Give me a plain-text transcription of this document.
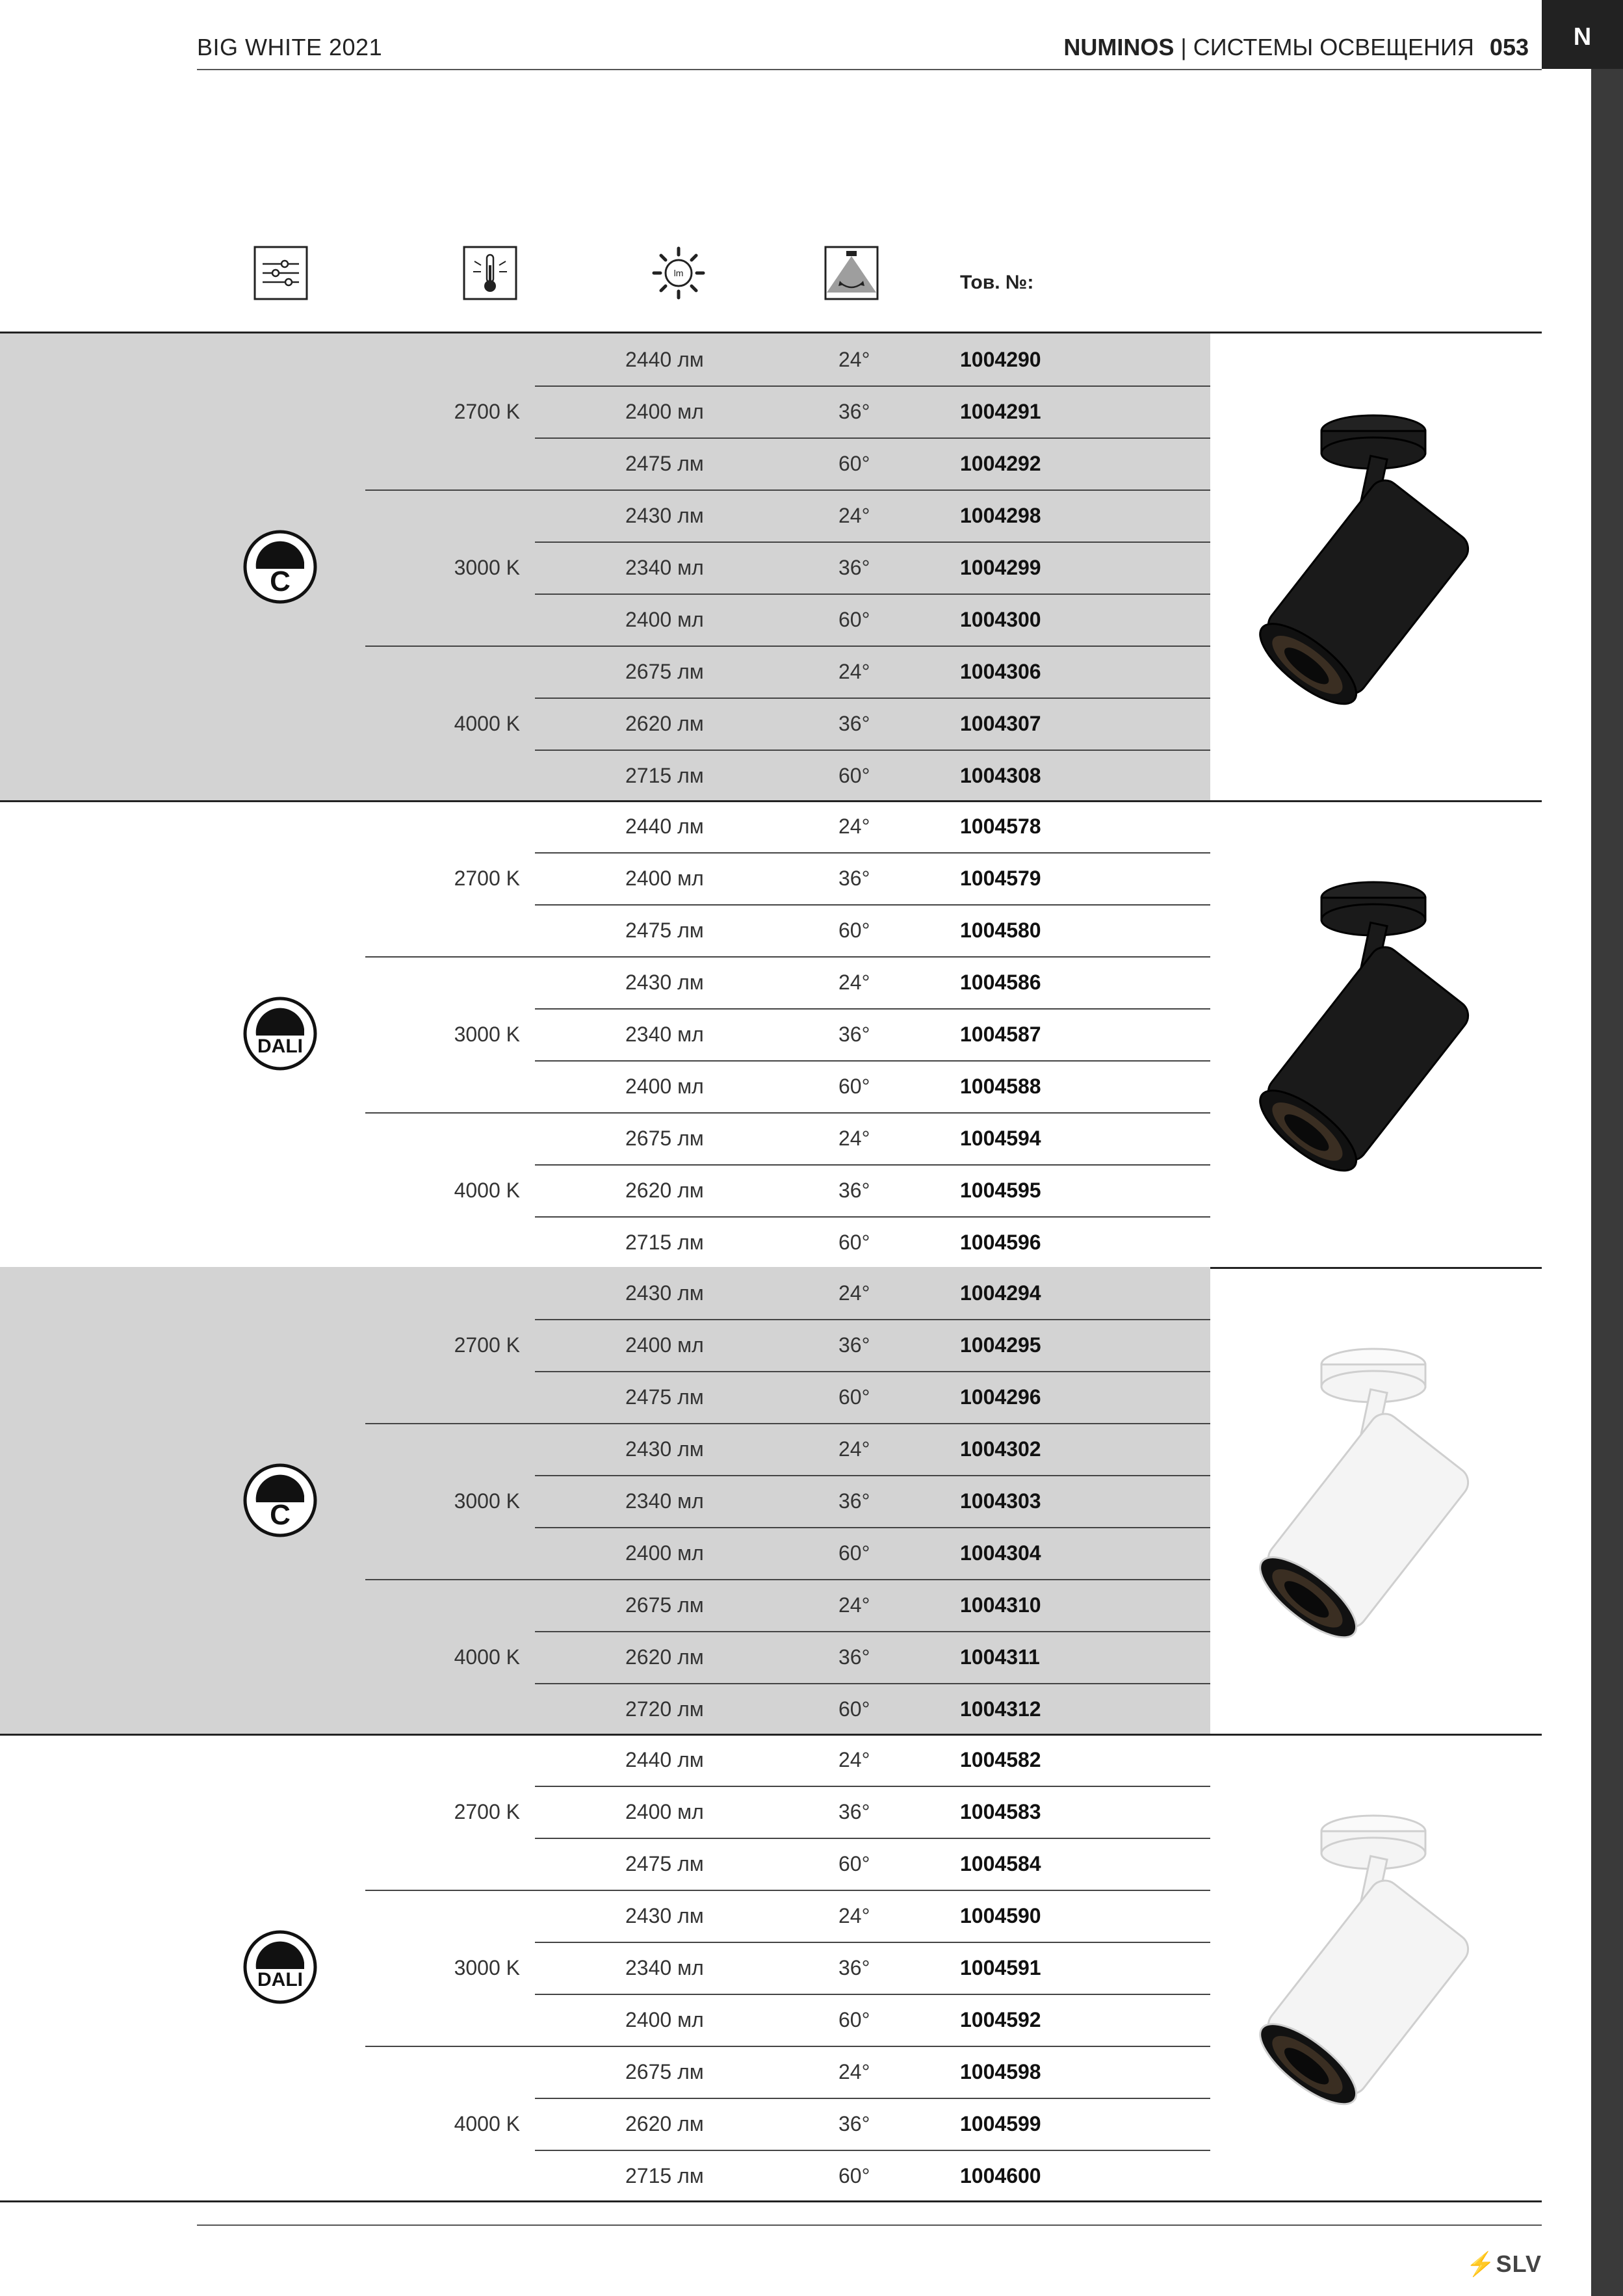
BIG WHITE 2021	NUMINOS | СИСТЕМЫ ОСВЕЩЕНИЯ 053	N
lm	Тов. №:
C
2700 K
2440 лм	24°	1004290
2400 мл	36°	1004291
2475 лм	60°	1004292
3000 K
2430 лм	24°	1004298
2340 мл	36°	1004299
2400 мл	60°	1004300
4000 K
2675 лм	24°	1004306
2620 лм	36°	1004307
2715 лм	60°	1004308
DALI
2700 K
2440 лм	24°	1004578
2400 мл	36°	1004579
2475 лм	60°	1004580
3000 K
2430 лм	24°	1004586
2340 мл	36°	1004587
2400 мл	60°	1004588
4000 K
2675 лм	24°	1004594
2620 лм	36°	1004595
2715 лм	60°	1004596
C
2700 K
2430 лм	24°	1004294
2400 мл	36°	1004295
2475 лм	60°	1004296
3000 K
2430 лм	24°	1004302
2340 мл	36°	1004303
2400 мл	60°	1004304
4000 K
2675 лм	24°	1004310
2620 лм	36°	1004311
2720 лм	60°	1004312
DALI
2700 K
2440 лм	24°	1004582
2400 мл	36°	1004583
2475 лм	60°	1004584
3000 K
2430 лм	24°	1004590
2340 мл	36°	1004591
2400 мл	60°	1004592
4000 K
2675 лм	24°	1004598
2620 лм	36°	1004599
2715 лм	60°	1004600
⚡SLV
